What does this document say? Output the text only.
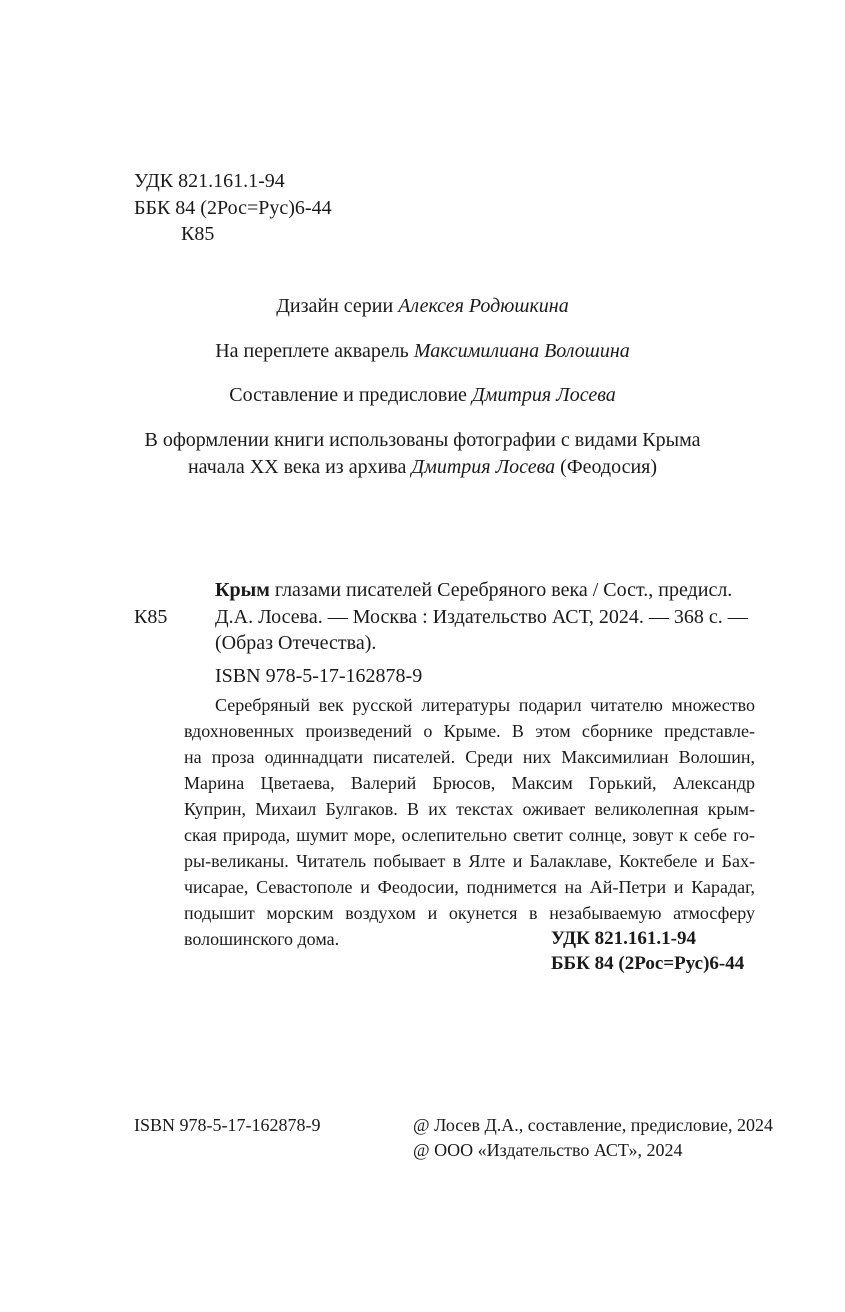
УДК 821.161.1-94
ББК 84 (2Рос=Рус)6-44
К85
Дизайн серии Алексея Родюшкина
На переплете акварель Максимилиана Волошина
Составление и предисловие Дмитрия Лосева
В оформлении книги использованы фотографии с видами Крыма
начала XX века из архива Дмитрия Лосева (Феодосия)
Крым глазами писателей Серебряного века / Сост., предисл.
К85 Д.А. Лосева. — Москва : Издательство АСТ, 2024. — 368 с. —
(Образ Отечества).
ISBN 978-5-17-162878-9
Серебряный век русской литературы подарил читателю множество
вдохновенных произведений о Крыме. В этом сборнике представле-
на проза одиннадцати писателей. Среди них Максимилиан Волошин,
Марина Цветаева, Валерий Брюсов, Максим Горький, Александр
Куприн, Михаил Булгаков. В их текстах оживает великолепная крым-
ская природа, шумит море, ослепительно светит солнце, зовут к себе го-
ры-великаны. Читатель побывает в Ялте и Балаклаве, Коктебеле и Бах-
чисарае, Севастополе и Феодосии, поднимется на Ай-Петри и Карадаг,
подышит морским воздухом и окунется в незабываемую атмосферу
волошинского дома.	УДК 821.161.1-94
ББК 84 (2Рос=Рус)6-44
ISBN 978-5-17-162878-9	@ Лосев Д.А., составление, предисловие, 2024
@ ООО «Издательство АСТ», 2024
